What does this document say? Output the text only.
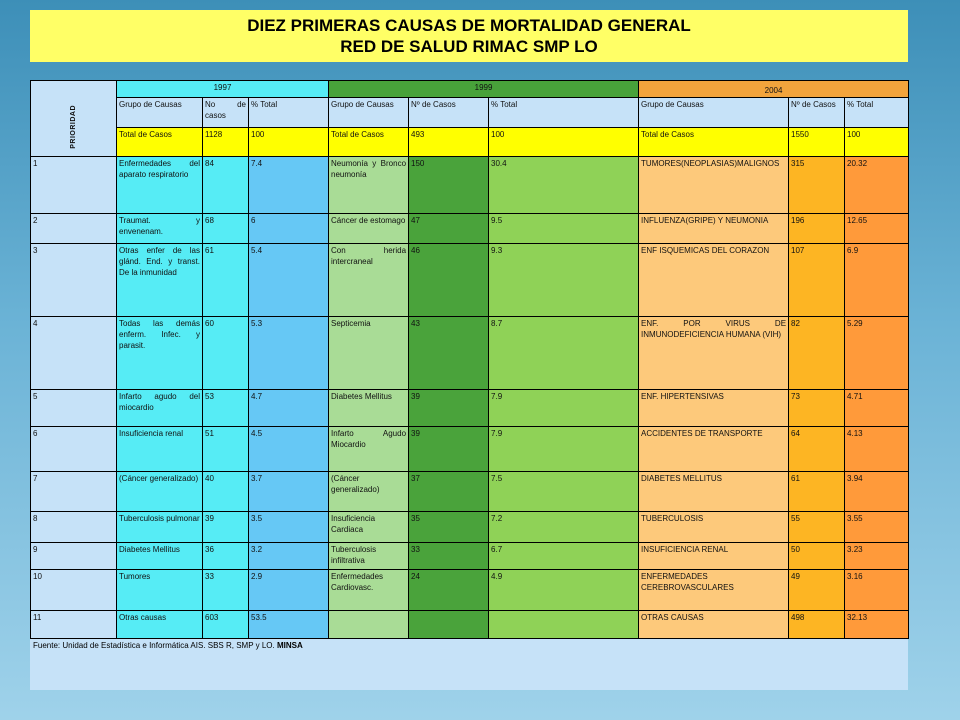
DIEZ PRIMERAS CAUSAS DE MORTALIDAD GENERAL
RED DE SALUD RIMAC SMP LO
PRIORIDAD	1997			1999			2004		
	Grupo de Causas	No de casos	% Total	Grupo de Causas	Nº de Casos	% Total	Grupo de Causas	Nº de Casos	% Total
	Total de Casos	1128	100	Total de Casos	493	100	Total de Casos	1550	100
1	Enfermedades del aparato respiratorio	84	7.4	Neumonía y Bronco neumonía	150	30.4	TUMORES(NEOPLASIAS)MALIGNOS	315	20.32
2	Traumat. y envenenam.	68	6	Cáncer de estomago	47	9.5	INFLUENZA(GRIPE) Y NEUMONIA	196	12.65
3	Otras enfer de las glánd. End. y transt. De la inmunidad	61	5.4	Con herida intercraneal	46	9.3	ENF ISQUEMICAS DEL CORAZON	107	6.9
4	Todas las demás enferm. Infec. y parasit.	60	5.3	Septicemia	43	8.7	ENF. POR VIRUS DE INMUNODEFICIENCIA HUMANA (VIH)	82	5.29
5	Infarto agudo del miocardio	53	4.7	Diabetes Mellitus	39	7.9	ENF. HIPERTENSIVAS	73	4.71
6	Insuficiencia renal	51	4.5	Infarto Agudo Miocardio	39	7.9	ACCIDENTES DE TRANSPORTE	64	4.13
7	(Cáncer generalizado)	40	3.7	(Cáncer generalizado)	37	7.5	DIABETES MELLITUS	61	3.94
8	Tuberculosis pulmonar	39	3.5	Insuficiencia Cardiaca	35	7.2	TUBERCULOSIS	55	3.55
9	Diabetes Mellitus	36	3.2	Tuberculosis infiltrativa	33	6.7	INSUFICIENCIA RENAL	50	3.23
10	Tumores	33	2.9	Enfermedades Cardiovasc.	24	4.9	ENFERMEDADES CEREBROVASCULARES	49	3.16
11	Otras causas	603	53.5				OTRAS CAUSAS	498	32.13
Fuente: Unidad de Estadística e Informática AIS. SBS R, SMP y LO. MINSA
